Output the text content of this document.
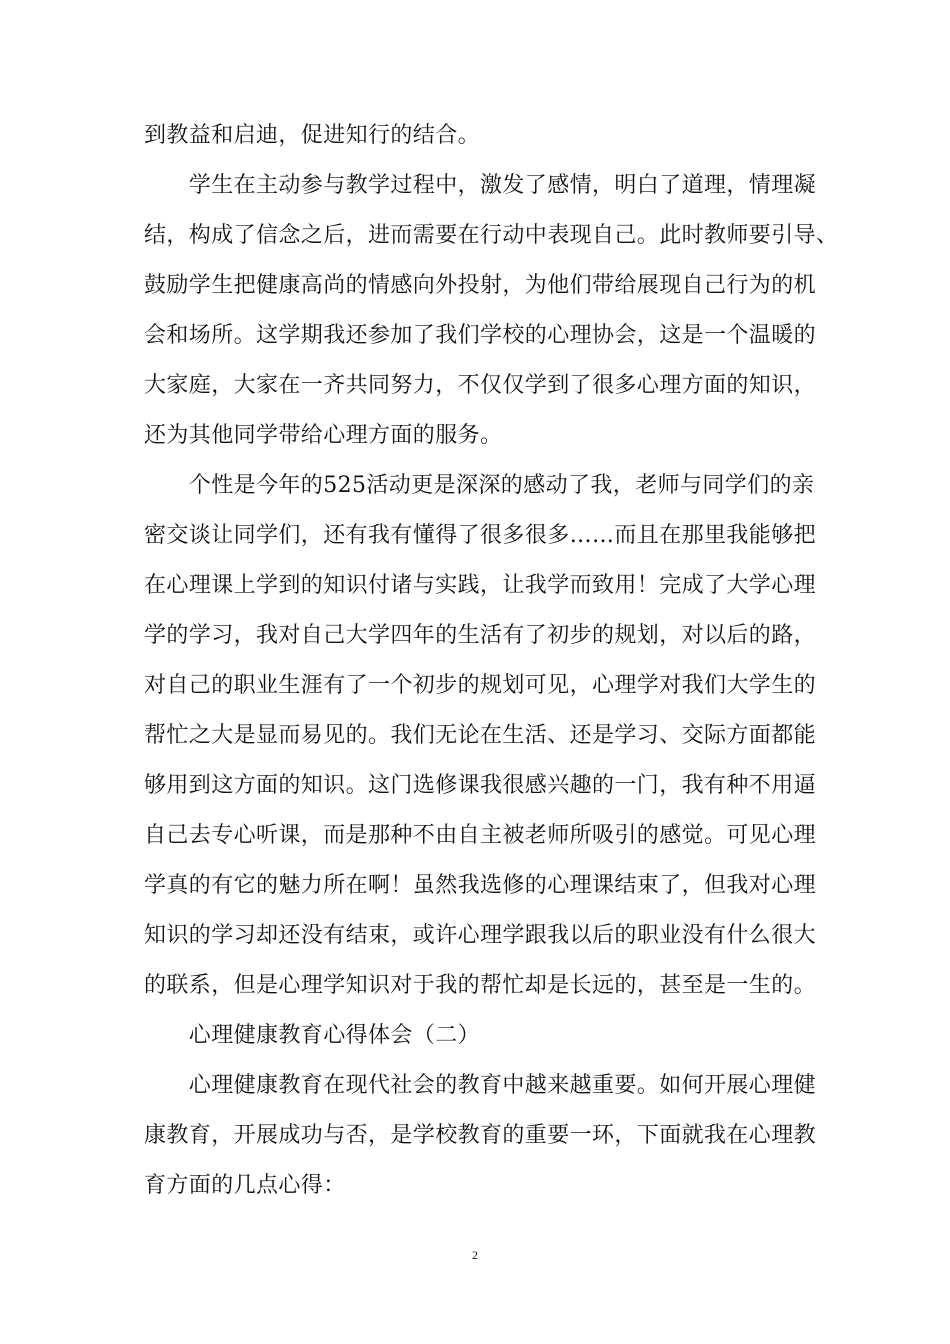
到教益和启迪，促进知行的结合。
　　学生在主动参与教学过程中，激发了感情，明白了道理，情理凝
结，构成了信念之后，进而需要在行动中表现自己。此时教师要引导、
鼓励学生把健康高尚的情感向外投射，为他们带给展现自己行为的机
会和场所。这学期我还参加了我们学校的心理协会，这是一个温暖的
大家庭，大家在一齐共同努力，不仅仅学到了很多心理方面的知识，
还为其他同学带给心理方面的服务。
　　个性是今年的525活动更是深深的感动了我，老师与同学们的亲
密交谈让同学们，还有我有懂得了很多很多……而且在那里我能够把
在心理课上学到的知识付诸与实践，让我学而致用！完成了大学心理
学的学习，我对自己大学四年的生活有了初步的规划，对以后的路，
对自己的职业生涯有了一个初步的规划可见，心理学对我们大学生的
帮忙之大是显而易见的。我们无论在生活、还是学习、交际方面都能
够用到这方面的知识。这门选修课我很感兴趣的一门，我有种不用逼
自己去专心听课，而是那种不由自主被老师所吸引的感觉。可见心理
学真的有它的魅力所在啊！虽然我选修的心理课结束了，但我对心理
知识的学习却还没有结束，或许心理学跟我以后的职业没有什么很大
的联系，但是心理学知识对于我的帮忙却是长远的，甚至是一生的。
　　心理健康教育心得体会（二）
　　心理健康教育在现代社会的教育中越来越重要。如何开展心理健
康教育，开展成功与否，是学校教育的重要一环，下面就我在心理教
育方面的几点心得：
2
